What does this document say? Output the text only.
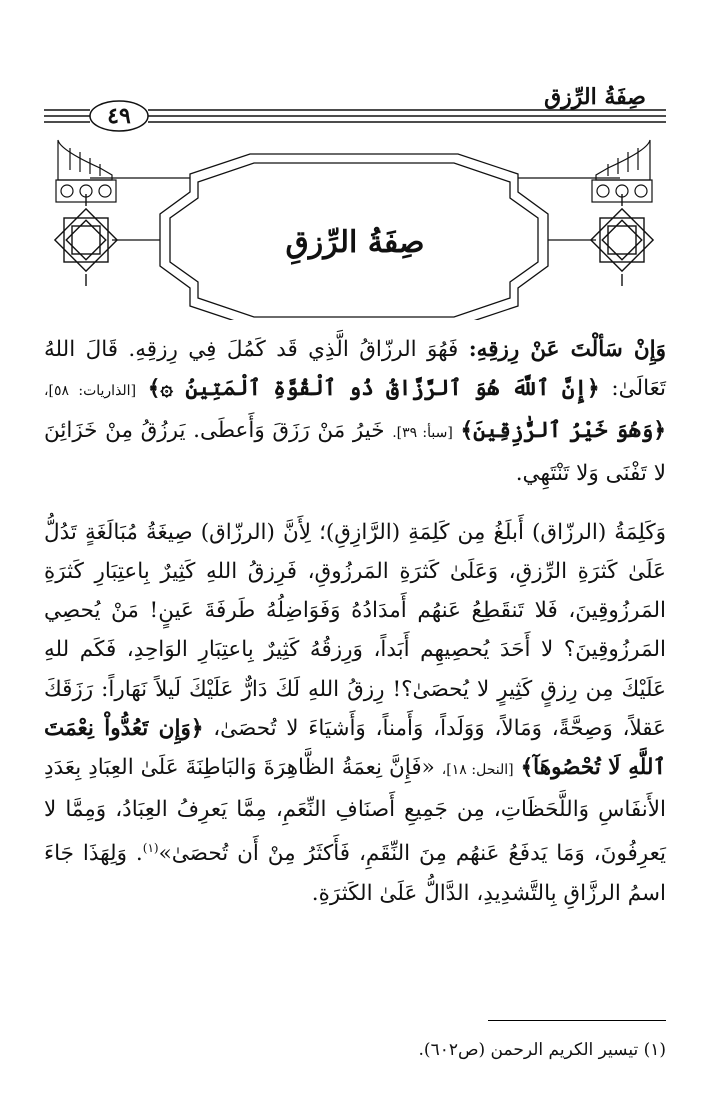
صِفَةُ الرِّزق
٤٩
صِفَةُ الرِّزقِ

وَإِنْ سَألْتَ عَنْ رِزقِهِ: فَهُوَ الرزّاقُ الَّذِي قَد كَمُلَ فِي رِزقِهِ. قَالَ اللهُ تَعَالَىٰ: ﴿إِنَّ ٱللَّهَ هُوَ ٱلرَّزَّاقُ ذُو ٱلْقُوَّةِ ٱلْمَتِينُ ۞﴾ [الذاريات: ٥٨]، ﴿وَهُوَ خَيْرُ ٱلرَّٰزِقِينَ﴾ [سبأ: ٣٩]. خَيرُ مَنْ رَزَقَ وَأَعطَى. يَرزُقُ مِنْ خَزَائِنَ لا تَفْنَى وَلا تَنْتَهِي.

وَكَلِمَةُ (الرزّاق) أَبلَغُ مِن كَلِمَةِ (الرَّازِقِ)؛ لِأَنَّ (الرزّاق) صِيغَةُ مُبَالَغَةٍ تَدُلُّ عَلَىٰ كَثرَةِ الرِّزقِ، وَعَلَىٰ كَثرَةِ المَرزُوقِ، فَرِزقُ اللهِ كَثِيرٌ بِاعتِبَارِ كَثرَةِ المَرزُوقِينَ، فَلا تَنقَطِعُ عَنهُم أَمدَادُهُ وَفَوَاضِلُهُ طَرفَةَ عَينٍ! مَنْ يُحصِي المَرزُوقِينَ؟ لا أَحَدَ يُحصِيهِم أَبَداً، وَرِزقُهُ كَثِيرٌ بِاعتِبَارِ الوَاحِدِ، فَكَم للهِ عَلَيْكَ مِن رِزقٍ كَثِيرٍ لا يُحصَىٰ؟! رِزقُ اللهِ لَكَ دَارٌّ عَلَيْكَ لَيلاً نَهَاراً: رَزَقَكَ عَقلاً، وَصِحَّةً، وَمَالاً، وَوَلَداً، وَأَمناً، وَأَشيَاءَ لا تُحصَىٰ، ﴿وَإِن تَعُدُّواْ نِعْمَتَ ٱللَّهِ لَا تُحْصُوهَآ﴾ [النحل: ١٨]، «فَإِنَّ نِعمَةُ الظَّاهِرَةَ وَالبَاطِنَةَ عَلَىٰ العِبَادِ بِعَدَدِ الأَنفَاسِ وَاللَّحَظَاتِ، مِن جَمِيعِ أَصنَافِ النِّعَمِ، مِمَّا يَعرِفُ العِبَادُ، وَمِمَّا لا يَعرِفُونَ، وَمَا يَدفَعُ عَنهُم مِنَ النِّقَمِ، فَأَكثَرُ مِنْ أَن تُحصَىٰ»$^{(١)}$. وَلِهَذَا جَاءَ اسمُ الرزَّاقِ بِالتَّشدِيدِ، الدَّالُّ عَلَىٰ الكَثرَةِ.

(١) تيسير الكريم الرحمن (ص٦٠٢).
